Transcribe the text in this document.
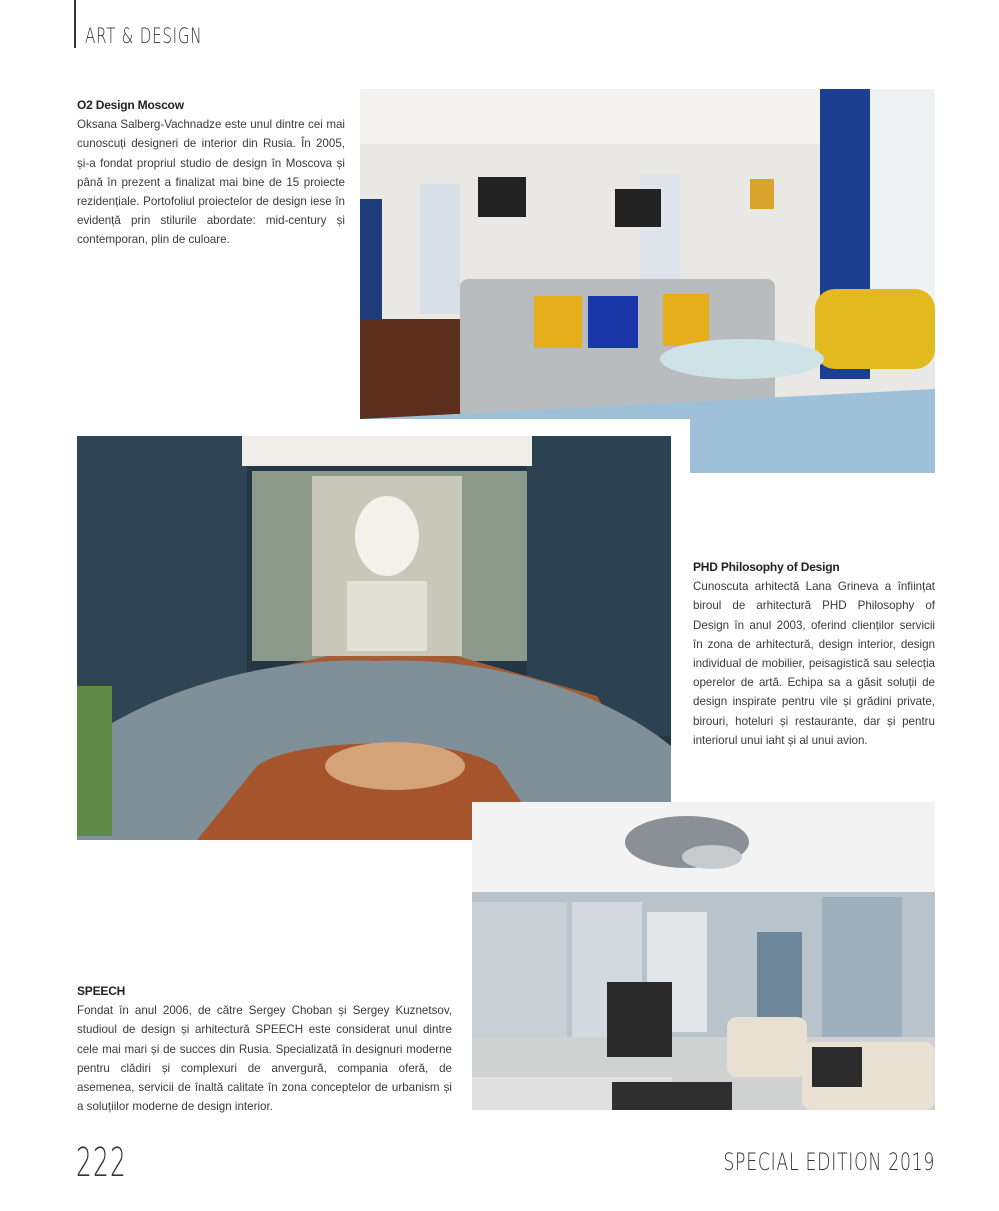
ART & DESIGN
O2 Design Moscow

Oksana Salberg-Vachnadze este unul dintre cei mai cunoscuți designeri de interior din Rusia. În 2005, și-a fondat propriul studio de design în Moscova și până în prezent a finalizat mai bine de 15 proiecte rezidențiale. Portofoliul proiectelor de design iese în evidență prin stilurile abordate: mid-century și contemporan, plin de culoare.

PHD Philosophy of Design

Cunoscuta arhitectă Lana Grineva a înființat biroul de arhitectură PHD Philosophy of Design în anul 2003, oferind clienților servicii în zona de arhitectură, design interior, design individual de mobilier, peisagistică sau selecția operelor de artă. Echipa sa a găsit soluții de design inspirate pentru vile și grădini private, birouri, hoteluri și restaurante, dar și pentru interiorul unui iaht și al unui avion.

SPEECH

Fondat în anul 2006, de către Sergey Choban și Sergey Kuznetsov, studioul de design și arhitectură SPEECH este considerat unul dintre cele mai mari și de succes din Rusia. Specializată în designuri moderne pentru clădiri și complexuri de anvergură, compania oferă, de asemenea, servicii de înaltă calitate în zona conceptelor de urbanism și a soluțiilor moderne de design interior.

222	SPECIAL EDITION 2019
